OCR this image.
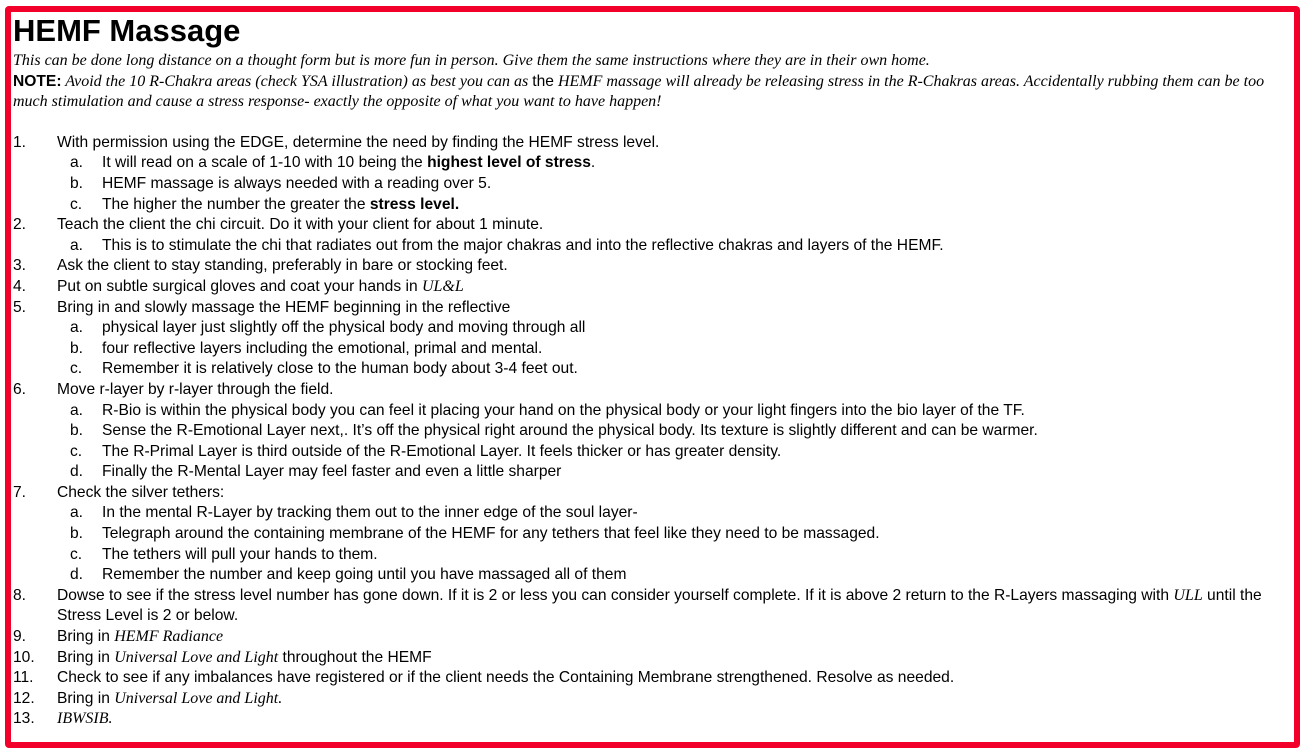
HEMF Massage

This can be done long distance on a thought form but is more fun in person. Give them the same instructions where they are in their own home.

NOTE: Avoid the 10 R-Chakra areas (check YSA illustration) as best you can as the HEMF massage will already be releasing stress in the R-Chakras areas. Accidentally rubbing them can be too much stimulation and cause a stress response- exactly the opposite of what you want to have happen!

1.	With permission using the EDGE, determine the need by finding the HEMF stress level.
a.	It will read on a scale of 1-10 with 10 being the highest level of stress.
b.	HEMF massage is always needed with a reading over 5.
c.	The higher the number the greater the stress level.
2.	Teach the client the chi circuit. Do it with your client for about 1 minute.
a.	This is to stimulate the chi that radiates out from the major chakras and into the reflective chakras and layers of the HEMF.
3.	Ask the client to stay standing, preferably in bare or stocking feet.
4.	Put on subtle surgical gloves and coat your hands in UL&L
5.	Bring in and slowly massage the HEMF beginning in the reflective
a.	physical layer just slightly off the physical body and moving through all
b.	four reflective layers including the emotional, primal and mental.
c.	Remember it is relatively close to the human body about 3-4 feet out.
6.	Move r-layer by r-layer through the field.
a.	R-Bio is within the physical body you can feel it placing your hand on the physical body or your light fingers into the bio layer of the TF.
b.	Sense the R-Emotional Layer next,. It’s off the physical right around the physical body. Its texture is slightly different and can be warmer.
c.	The R-Primal Layer is third outside of the R-Emotional Layer. It feels thicker or has greater density.
d.	Finally the R-Mental Layer may feel faster and even a little sharper
7.	Check the silver tethers:
a.	In the mental R-Layer by tracking them out to the inner edge of the soul layer-
b.	Telegraph around the containing membrane of the HEMF for any tethers that feel like they need to be massaged.
c.	The tethers will pull your hands to them.
d.	Remember the number and keep going until you have massaged all of them
8.	Dowse to see if the stress level number has gone down. If it is 2 or less you can consider yourself complete. If it is above 2 return to the R-Layers massaging with ULL until the Stress Level is 2 or below.
9.	Bring in HEMF Radiance
10.	Bring in Universal Love and Light throughout the HEMF
11.	Check to see if any imbalances have registered or if the client needs the Containing Membrane strengthened. Resolve as needed.
12.	Bring in Universal Love and Light.
13.	IBWSIB.
